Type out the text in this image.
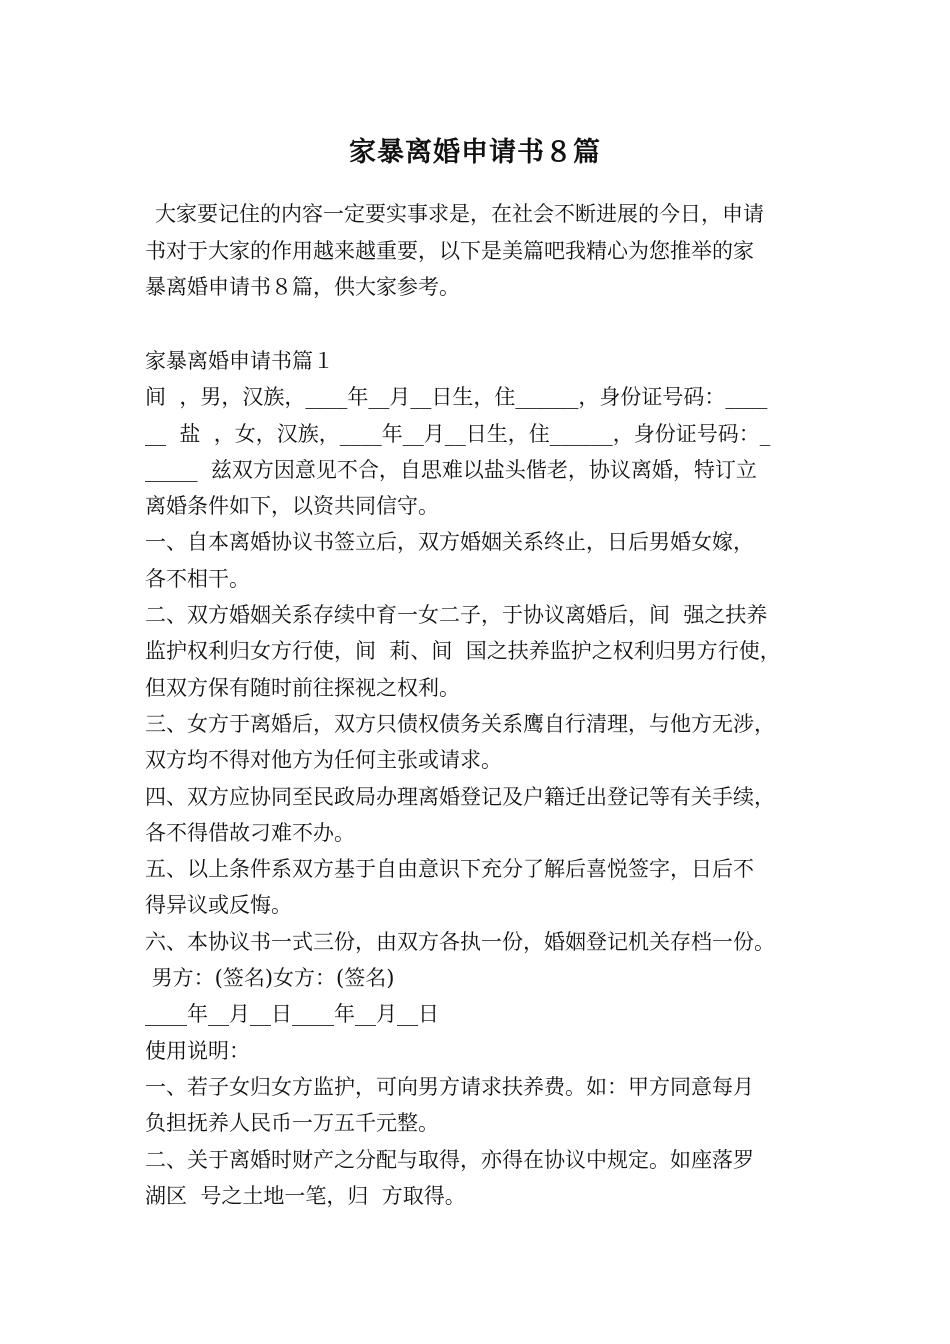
家暴离婚申请书８篇

大家要记住的内容一定要实事求是，在社会不断进展的今日，申请
书对于大家的作用越来越重要，以下是美篇吧我精心为您推举的家
暴离婚申请书８篇，供大家参考。

家暴离婚申请书篇１
间  ，男，汉族，____年__月__日生，住______，身份证号码：____
__  盐  ，女，汉族，____年__月__日生，住______，身份证号码：_
_____  兹双方因意见不合，自思难以盐头偕老，协议离婚，特订立
离婚条件如下，以资共同信守。
一、自本离婚协议书签立后，双方婚姻关系终止，日后男婚女嫁，
各不相干。
二、双方婚姻关系存续中育一女二子，于协议离婚后，间  强之扶养
监护权利归女方行使，间  莉、间  国之扶养监护之权利归男方行使，
但双方保有随时前往探视之权利。
三、女方于离婚后，双方只债权债务关系鹰自行清理，与他方无涉，
双方均不得对他方为任何主张或请求。
四、双方应协同至民政局办理离婚登记及户籍迁出登记等有关手续，
各不得借故刁难不办。
五、以上条件系双方基于自由意识下充分了解后喜悦签字，日后不
得异议或反悔。
六、本协议书一式三份，由双方各执一份，婚姻登记机关存档一份。
男方：(签名)女方：(签名)
____年__月__日____年__月__日
使用说明：
一、若子女归女方监护，可向男方请求扶养费。如：甲方同意每月
负担抚养人民币一万五千元整。
二、关于离婚时财产之分配与取得，亦得在协议中规定。如座落罗
湖区  号之土地一笔，归  方取得。
